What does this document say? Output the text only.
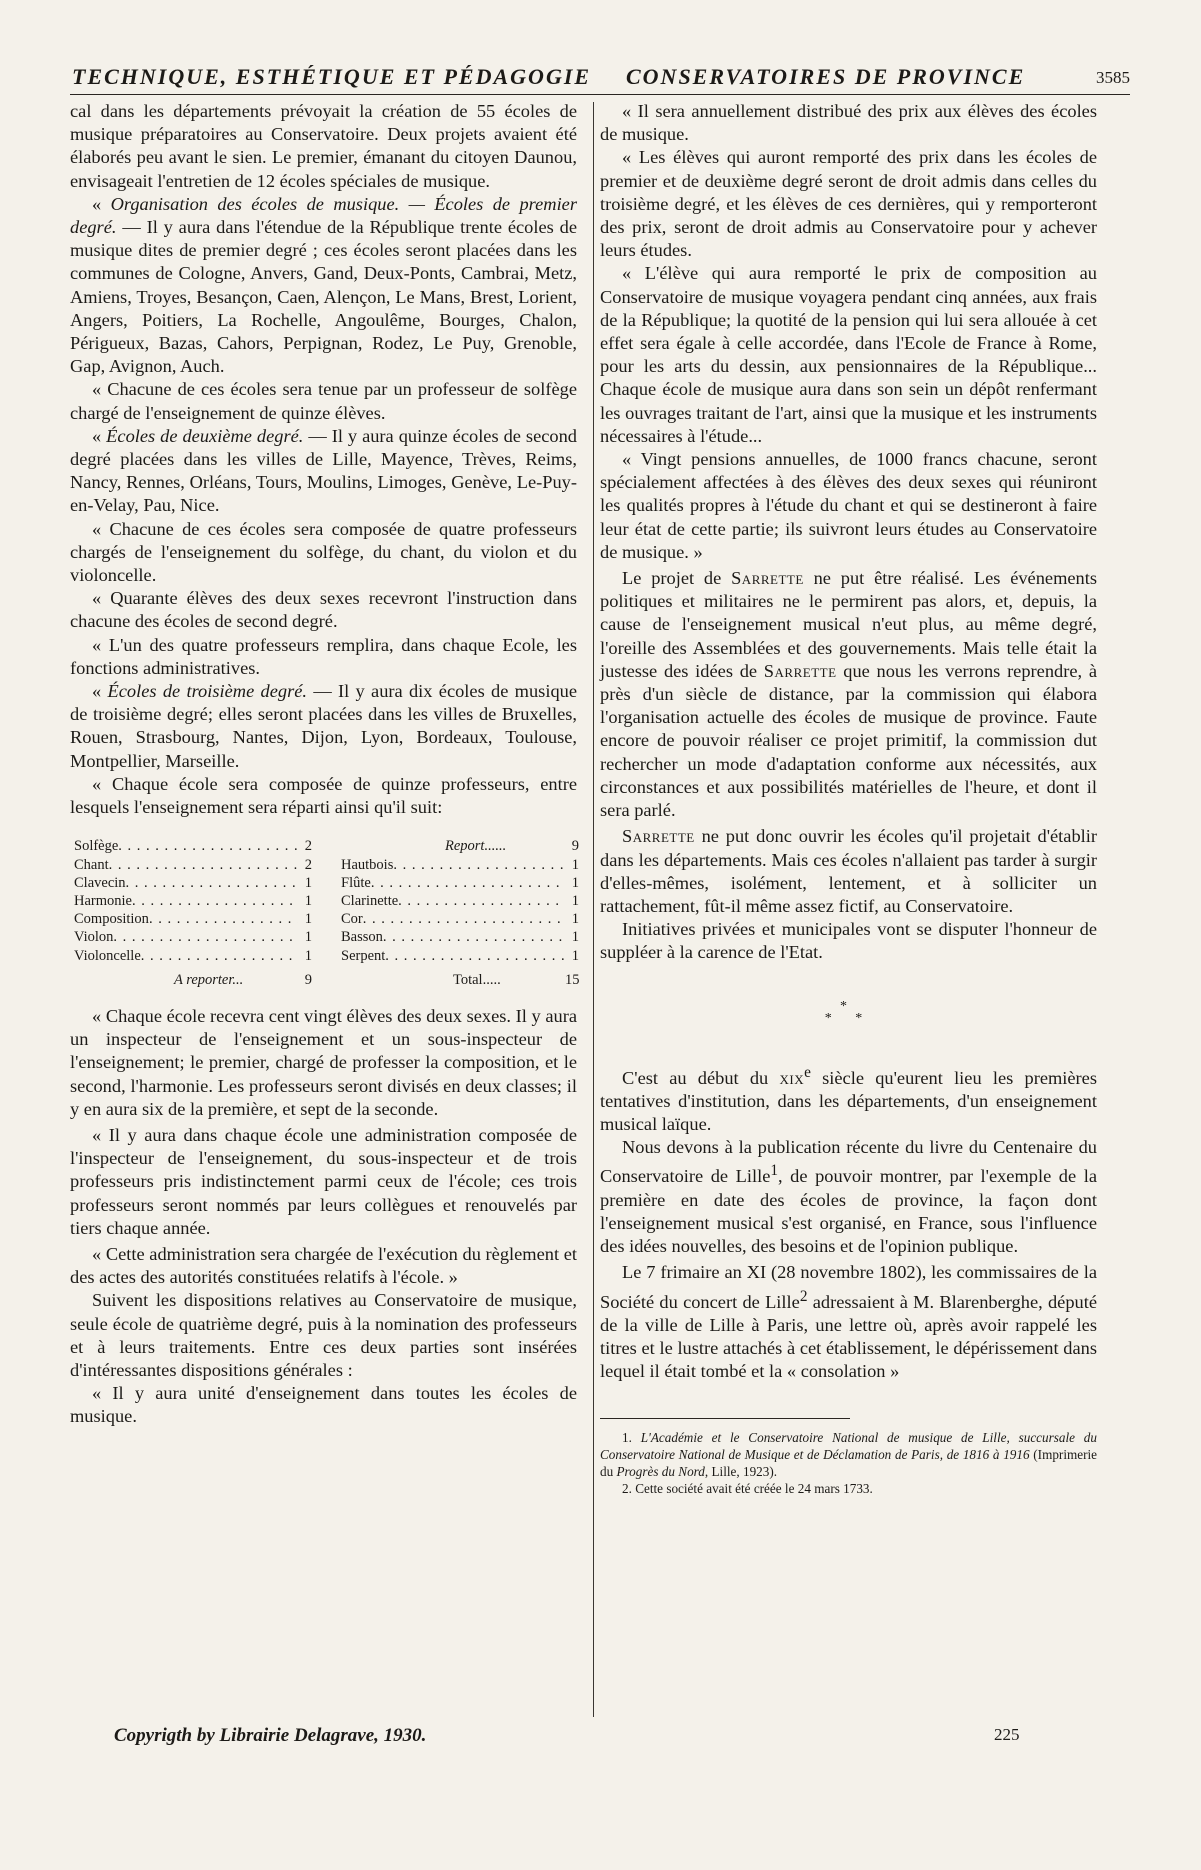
TECHNIQUE, ESTHÉTIQUE ET PÉDAGOGIE CONSERVATOIRES DE PROVINCE	3585

cal dans les départements prévoyait la création de 55 écoles de musique préparatoires au Conservatoire. Deux projets avaient été élaborés peu avant le sien. Le premier, émanant du citoyen Daunou, envisageait l'entretien de 12 écoles spéciales de musique.

« Organisation des écoles de musique. — Écoles de premier degré. — Il y aura dans l'étendue de la République trente écoles de musique dites de premier degré ; ces écoles seront placées dans les communes de Cologne, Anvers, Gand, Deux-Ponts, Cambrai, Metz, Amiens, Troyes, Besançon, Caen, Alençon, Le Mans, Brest, Lorient, Angers, Poitiers, La Rochelle, Angoulême, Bourges, Chalon, Périgueux, Bazas, Cahors, Perpignan, Rodez, Le Puy, Grenoble, Gap, Avignon, Auch.

« Chacune de ces écoles sera tenue par un professeur de solfège chargé de l'enseignement de quinze élèves.

« Écoles de deuxième degré. — Il y aura quinze écoles de second degré placées dans les villes de Lille, Mayence, Trèves, Reims, Nancy, Rennes, Orléans, Tours, Moulins, Limoges, Genève, Le-Puy-en-Velay, Pau, Nice.

« Chacune de ces écoles sera composée de quatre professeurs chargés de l'enseignement du solfège, du chant, du violon et du violoncelle.

« Quarante élèves des deux sexes recevront l'instruction dans chacune des écoles de second degré.

« L'un des quatre professeurs remplira, dans chaque Ecole, les fonctions administratives.

« Écoles de troisième degré. — Il y aura dix écoles de musique de troisième degré; elles seront placées dans les villes de Bruxelles, Rouen, Strasbourg, Nantes, Dijon, Lyon, Bordeaux, Toulouse, Montpellier, Marseille.

« Chaque école sera composée de quinze professeurs, entre lesquels l'enseignement sera réparti ainsi qu'il suit:

Solfège . . .	2
Chant . . .	2
Clavecin . . .	1
Harmonie . . .	1
Composition . . .	1
Violon . . .	1
Violoncelle . . .	1
A reporter...	9
Report......	9
Hautbois . . .	1
Flûte . . .	1
Clarinette . . .	1
Cor . . .	1
Basson . . .	1
Serpent . . .	1
Total.....	15

« Chaque école recevra cent vingt élèves des deux sexes. Il y aura un inspecteur de l'enseignement et un sous-inspecteur de l'enseignement; le premier, chargé de professer la composition, et le second, l'harmonie. Les professeurs seront divisés en deux classes; il y en aura six de la première, et sept de la seconde.

« Il y aura dans chaque école une administration composée de l'inspecteur de l'enseignement, du sous-inspecteur et de trois professeurs pris indistinctement parmi ceux de l'école; ces trois professeurs seront nommés par leurs collègues et renouvelés par tiers chaque année.

« Cette administration sera chargée de l'exécution du règlement et des actes des autorités constituées relatifs à l'école. »

Suivent les dispositions relatives au Conservatoire de musique, seule école de quatrième degré, puis à la nomination des professeurs et à leurs traitements. Entre ces deux parties sont insérées d'intéressantes dispositions générales :

« Il y aura unité d'enseignement dans toutes les écoles de musique.

« Il sera annuellement distribué des prix aux élèves des écoles de musique.

« Les élèves qui auront remporté des prix dans les écoles de premier et de deuxième degré seront de droit admis dans celles du troisième degré, et les élèves de ces dernières, qui y remporteront des prix, seront de droit admis au Conservatoire pour y achever leurs études.

« L'élève qui aura remporté le prix de composition au Conservatoire de musique voyagera pendant cinq années, aux frais de la République; la quotité de la pension qui lui sera allouée à cet effet sera égale à celle accordée, dans l'Ecole de France à Rome, pour les arts du dessin, aux pensionnaires de la République... Chaque école de musique aura dans son sein un dépôt renfermant les ouvrages traitant de l'art, ainsi que la musique et les instruments nécessaires à l'étude...

« Vingt pensions annuelles, de 1000 francs chacune, seront spécialement affectées à des élèves des deux sexes qui réuniront les qualités propres à l'étude du chant et qui se destineront à faire leur état de cette partie; ils suivront leurs études au Conservatoire de musique. »

Le projet de Sarrette ne put être réalisé. Les événements politiques et militaires ne le permirent pas alors, et, depuis, la cause de l'enseignement musical n'eut plus, au même degré, l'oreille des Assemblées et des gouvernements. Mais telle était la justesse des idées de Sarrette que nous les verrons reprendre, à près d'un siècle de distance, par la commission qui élabora l'organisation actuelle des écoles de musique de province. Faute encore de pouvoir réaliser ce projet primitif, la commission dut rechercher un mode d'adaptation conforme aux nécessités, aux circonstances et aux possibilités matérielles de l'heure, et dont il sera parlé.

Sarrette ne put donc ouvrir les écoles qu'il projetait d'établir dans les départements. Mais ces écoles n'allaient pas tarder à surgir d'elles-mêmes, isolément, lentement, et à solliciter un rattachement, fût-il même assez fictif, au Conservatoire.

Initiatives privées et municipales vont se disputer l'honneur de suppléer à la carence de l'Etat.

*
* *

C'est au début du xix$^e$ siècle qu'eurent lieu les premières tentatives d'institution, dans les départements, d'un enseignement musical laïque.

Nous devons à la publication récente du livre du Centenaire du Conservatoire de Lille$^1$, de pouvoir montrer, par l'exemple de la première en date des écoles de province, la façon dont l'enseignement musical s'est organisé, en France, sous l'influence des idées nouvelles, des besoins et de l'opinion publique.

Le 7 frimaire an XI (28 novembre 1802), les commissaires de la Société du concert de Lille$^2$ adressaient à M. Blarenberghe, député de la ville de Lille à Paris, une lettre où, après avoir rappelé les titres et le lustre attachés à cet établissement, le dépérissement dans lequel il était tombé et la « consolation »

1. L'Académie et le Conservatoire National de musique de Lille, succursale du Conservatoire National de Musique et de Déclamation de Paris, de 1816 à 1916 (Imprimerie du Progrès du Nord, Lille, 1923).

2. Cette société avait été créée le 24 mars 1733.

Copyrigth by Librairie Delagrave, 1930.	225
